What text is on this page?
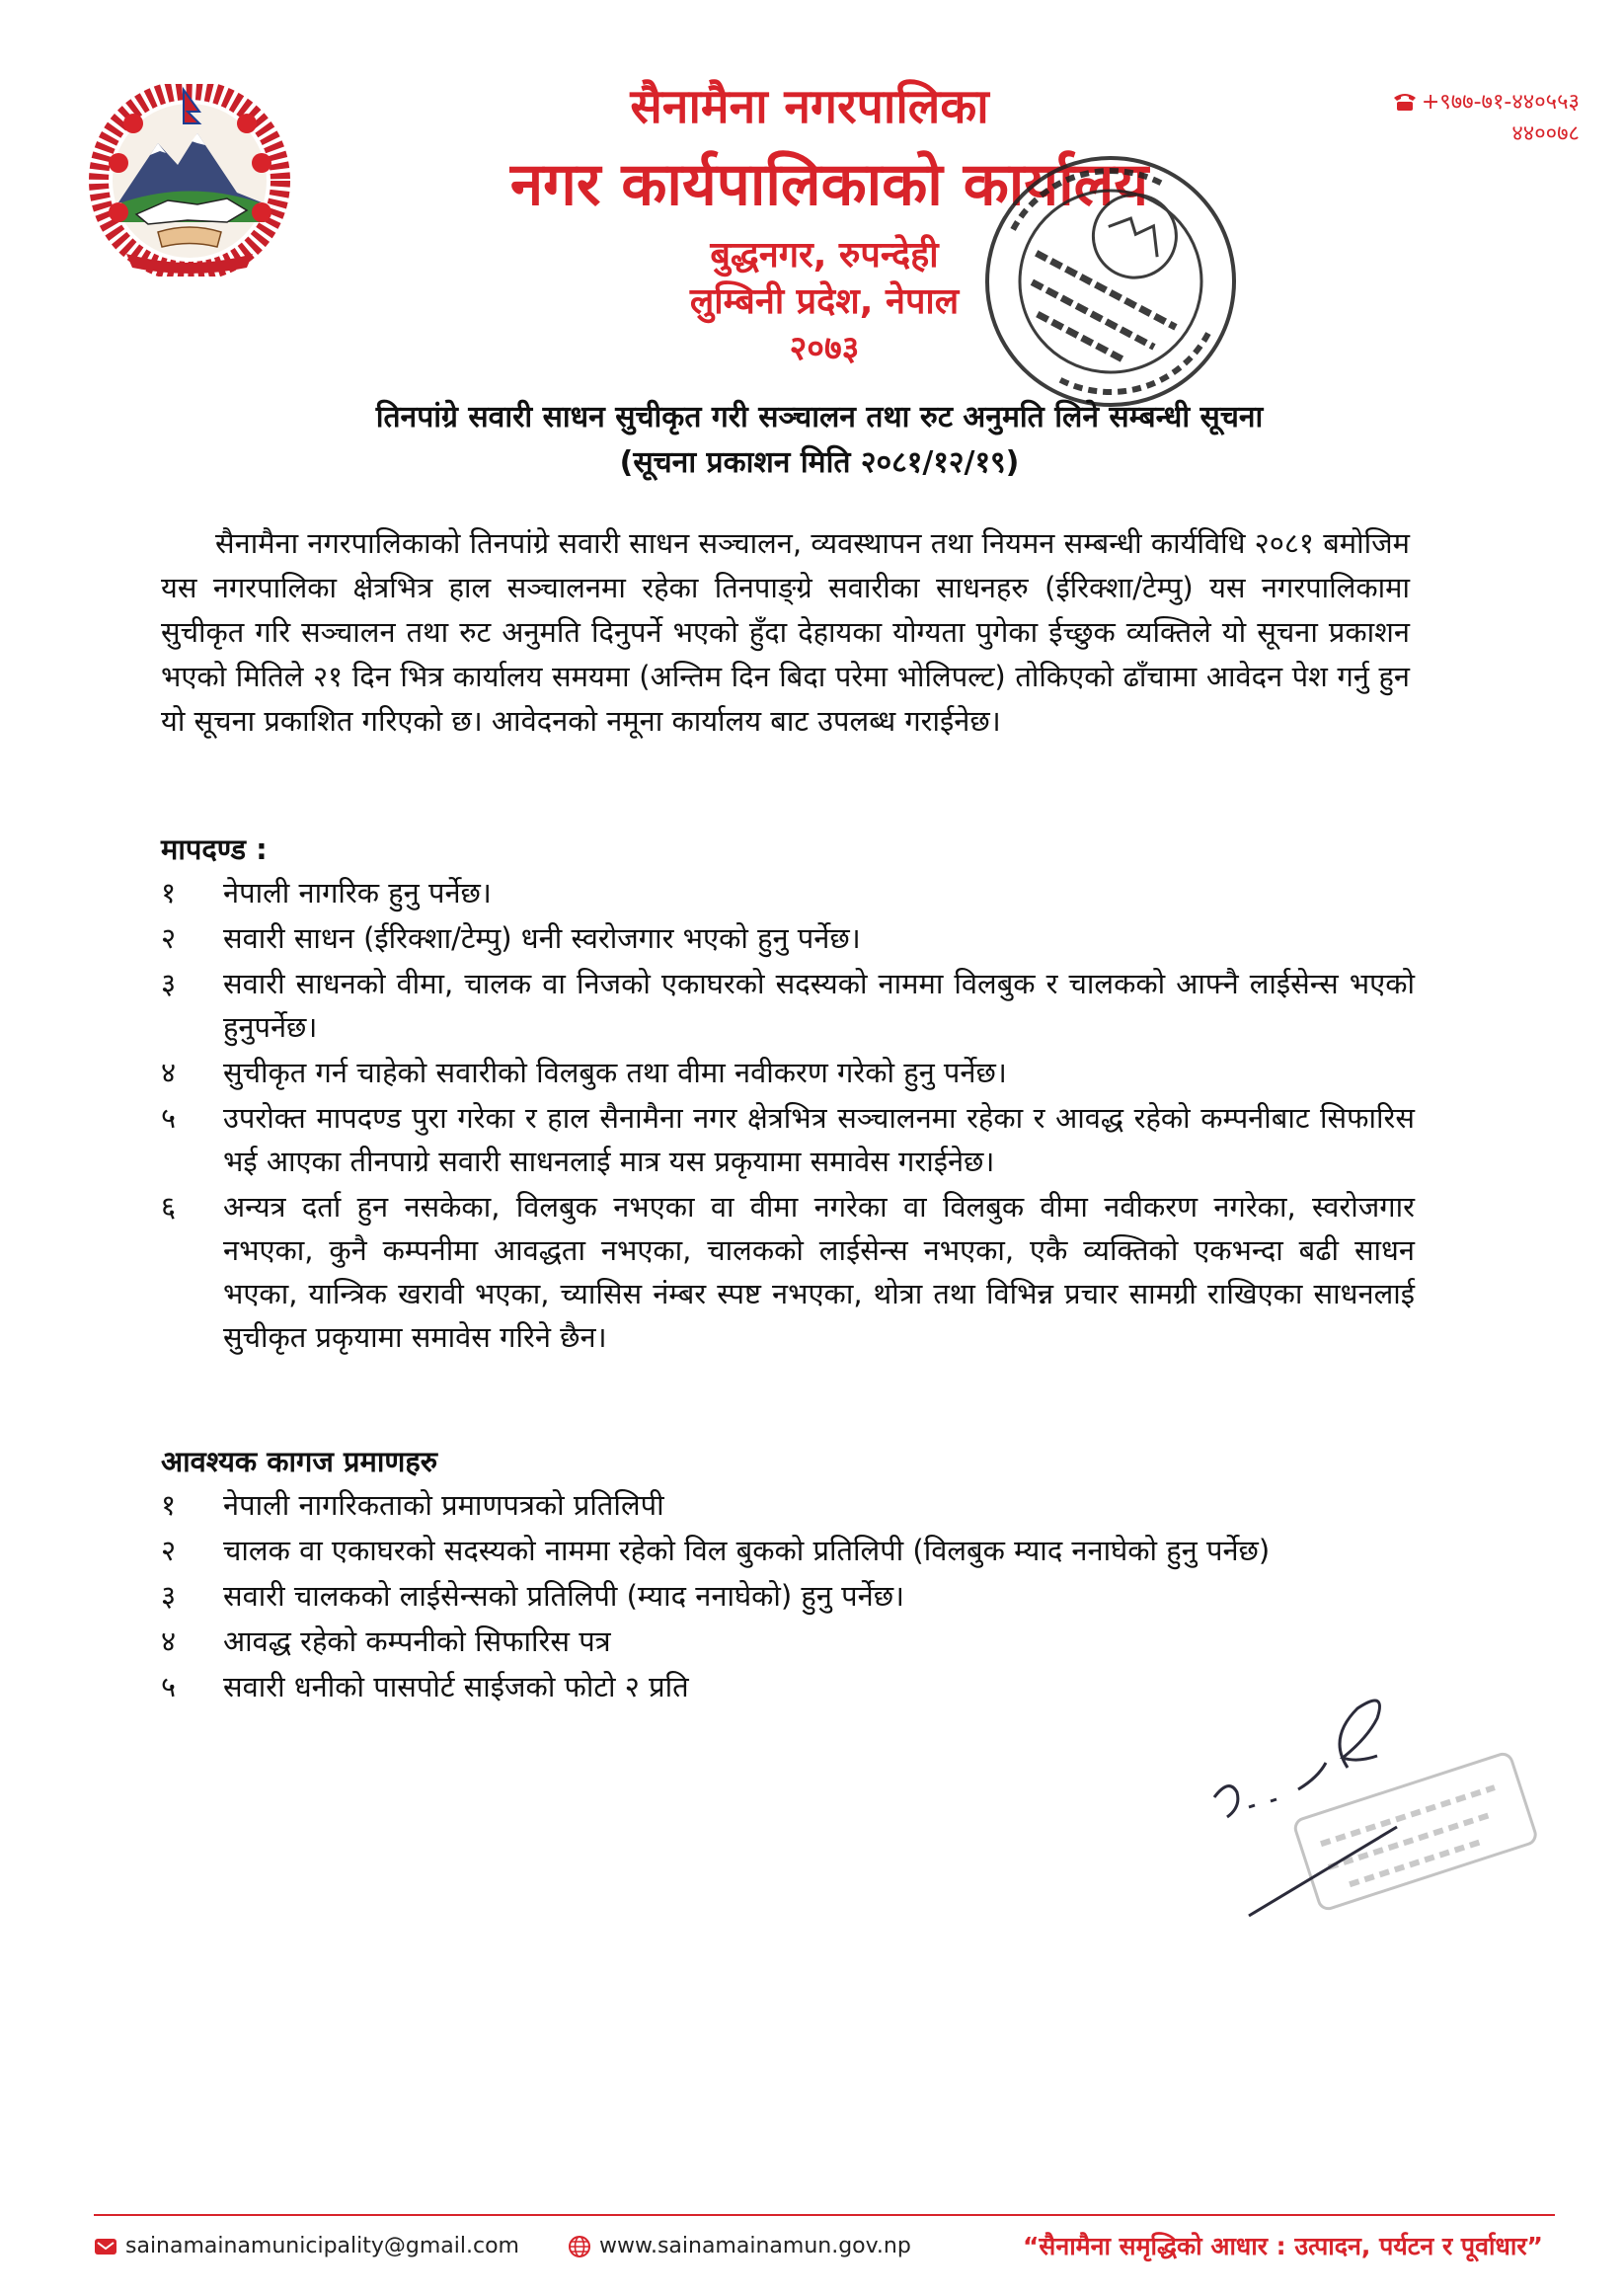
सैनामैना नगरपालिका
नगर कार्यपालिकाको कार्यालय
बुद्धनगर, रुपन्देही
लुम्बिनी प्रदेश, नेपाल
२०७३
+९७७-७१-४४०५५३
४४००७८
तिनपांग्रे सवारी साधन सुचीकृत गरी सञ्चालन तथा रुट अनुमति लिने सम्बन्धी सूचना
(सूचना प्रकाशन मिति २०८१/१२/१९)
सैनामैना नगरपालिकाको तिनपांग्रे सवारी साधन सञ्चालन, व्यवस्थापन तथा नियमन सम्बन्धी कार्यविधि २०८१ बमोजिम यस नगरपालिका क्षेत्रभित्र हाल सञ्चालनमा रहेका तिनपाङ्ग्रे सवारीका साधनहरु (ईरिक्शा/टेम्पु) यस नगरपालिकामा सुचीकृत गरि सञ्चालन तथा रुट अनुमति दिनुपर्ने भएको हुँदा देहायका योग्यता पुगेका ईच्छुक व्यक्तिले यो सूचना प्रकाशन भएको मितिले २१ दिन भित्र कार्यालय समयमा (अन्तिम दिन बिदा परेमा भोलिपल्ट) तोकिएको ढाँचामा आवेदन पेश गर्नु हुन यो सूचना प्रकाशित गरिएको छ। आवेदनको नमूना कार्यालय बाट उपलब्ध गराईनेछ।
मापदण्ड :
१	नेपाली नागरिक हुनु पर्नेछ।
२	सवारी साधन (ईरिक्शा/टेम्पु) धनी स्वरोजगार भएको हुनु पर्नेछ।
३	सवारी साधनको वीमा, चालक वा निजको एकाघरको सदस्यको नाममा विलबुक र चालकको आफ्नै लाईसेन्स भएको हुनुपर्नेछ।
४	सुचीकृत गर्न चाहेको सवारीको विलबुक तथा वीमा नवीकरण गरेको हुनु पर्नेछ।
५	उपरोक्त मापदण्ड पुरा गरेका र हाल सैनामैना नगर क्षेत्रभित्र सञ्चालनमा रहेका र आवद्ध रहेको कम्पनीबाट सिफारिस भई आएका तीनपाग्रे सवारी साधनलाई मात्र यस प्रकृयामा समावेस गराईनेछ।
६	अन्यत्र दर्ता हुन नसकेका, विलबुक नभएका वा वीमा नगरेका वा विलबुक वीमा नवीकरण नगरेका, स्वरोजगार नभएका, कुनै कम्पनीमा आवद्धता नभएका, चालकको लाईसेन्स नभएका, एकै व्यक्तिको एकभन्दा बढी साधन भएका, यान्त्रिक खरावी भएका, च्यासिस नंम्बर स्पष्ट नभएका, थोत्रा तथा विभिन्न प्रचार सामग्री राखिएका साधनलाई सुचीकृत प्रकृयामा समावेस गरिने छैन।
आवश्यक कागज प्रमाणहरु
१	नेपाली नागरिकताको प्रमाणपत्रको प्रतिलिपी
२	चालक वा एकाघरको सदस्यको नाममा रहेको विल बुकको प्रतिलिपी (विलबुक म्याद ननाघेको हुनु पर्नेछ)
३	सवारी चालकको लाईसेन्सको प्रतिलिपी (म्याद ननाघेको) हुनु पर्नेछ।
४	आवद्ध रहेको कम्पनीको सिफारिस पत्र
५	सवारी धनीको पासपोर्ट साईजको फोटो २ प्रति
sainamainamunicipality@gmail.com	www.sainamainamun.gov.np	“सैनामैना समृद्धिको आधार : उत्पादन, पर्यटन र पूर्वाधार”
